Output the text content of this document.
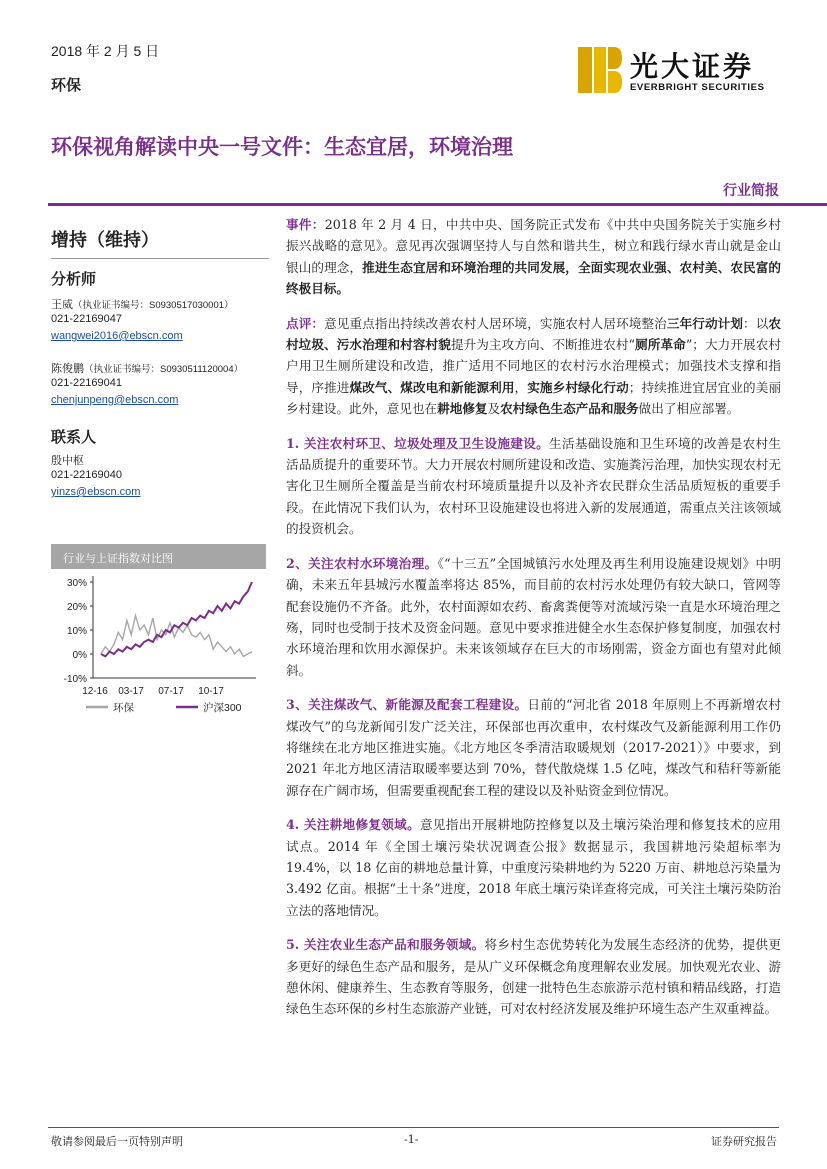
2018 年 2 月 5 日
环保
光大证券
EVERBRIGHT SECURITIES
环保视角解读中央一号文件：生态宜居，环境治理
行业简报
增持（维持）
分析师
王威（执业证书编号：S0930517030001）
021-22169047
wangwei2016@ebscn.com
陈俊鹏（执业证书编号：S0930511120004）
021-22169041
chenjunpeng@ebscn.com
联系人
殷中枢
021-22169040
yinzs@ebscn.com
行业与上证指数对比图
30%
20%
10%
0%
-10%
12-16 03-17 07-17 10-17
环保	沪深300

事件：2018 年 2 月 4 日，中共中央、国务院正式发布《中共中央国务院关于实施乡村振兴战略的意见》。意见再次强调坚持人与自然和谐共生，树立和践行绿水青山就是金山银山的理念，推进生态宜居和环境治理的共同发展，全面实现农业强、农村美、农民富的终极目标。

点评：意见重点指出持续改善农村人居环境，实施农村人居环境整治三年行动计划：以农村垃圾、污水治理和村容村貌提升为主攻方向、不断推进农村“厕所革命”；大力开展农村户用卫生厕所建设和改造，推广适用不同地区的农村污水治理模式；加强技术支撑和指导，序推进煤改气、煤改电和新能源利用，实施乡村绿化行动；持续推进宜居宜业的美丽乡村建设。此外，意见也在耕地修复及农村绿色生态产品和服务做出了相应部署。

1. 关注农村环卫、垃圾处理及卫生设施建设。生活基础设施和卫生环境的改善是农村生活品质提升的重要环节。大力开展农村厕所建设和改造、实施粪污治理，加快实现农村无害化卫生厕所全覆盖是当前农村环境质量提升以及补齐农民群众生活品质短板的重要手段。在此情况下我们认为，农村环卫设施建设也将进入新的发展通道，需重点关注该领域的投资机会。

2、关注农村水环境治理。《“十三五”全国城镇污水处理及再生利用设施建设规划》中明确，未来五年县城污水覆盖率将达 85%，而目前的农村污水处理仍有较大缺口，管网等配套设施仍不齐备。此外，农村面源如农药、畜禽粪便等对流域污染一直是水环境治理之殇，同时也受制于技术及资金问题。意见中要求推进健全水生态保护修复制度，加强农村水环境治理和饮用水源保护。未来该领域存在巨大的市场刚需，资金方面也有望对此倾斜。

3、关注煤改气、新能源及配套工程建设。日前的“河北省 2018 年原则上不再新增农村煤改气”的乌龙新闻引发广泛关注，环保部也再次重申，农村煤改气及新能源利用工作仍将继续在北方地区推进实施。《北方地区冬季清洁取暖规划（2017-2021）》中要求，到 2021 年北方地区清洁取暖率要达到 70%，替代散烧煤 1.5 亿吨，煤改气和秸秆等新能源存在广阔市场，但需要重视配套工程的建设以及补贴资金到位情况。

4. 关注耕地修复领域。意见指出开展耕地防控修复以及土壤污染治理和修复技术的应用试点。2014 年《全国土壤污染状况调查公报》数据显示，我国耕地污染超标率为 19.4%，以 18 亿亩的耕地总量计算，中重度污染耕地约为 5220 万亩、耕地总污染量为 3.492 亿亩。根据“土十条”进度，2018 年底土壤污染详查将完成，可关注土壤污染防治立法的落地情况。

5. 关注农业生态产品和服务领域。将乡村生态优势转化为发展生态经济的优势，提供更多更好的绿色生态产品和服务，是从广义环保概念角度理解农业发展。加快观光农业、游憩休闲、健康养生、生态教育等服务，创建一批特色生态旅游示范村镇和精品线路，打造绿色生态环保的乡村生态旅游产业链，可对农村经济发展及维护环境生态产生双重裨益。

敬请参阅最后一页特别声明	-1-	证券研究报告
